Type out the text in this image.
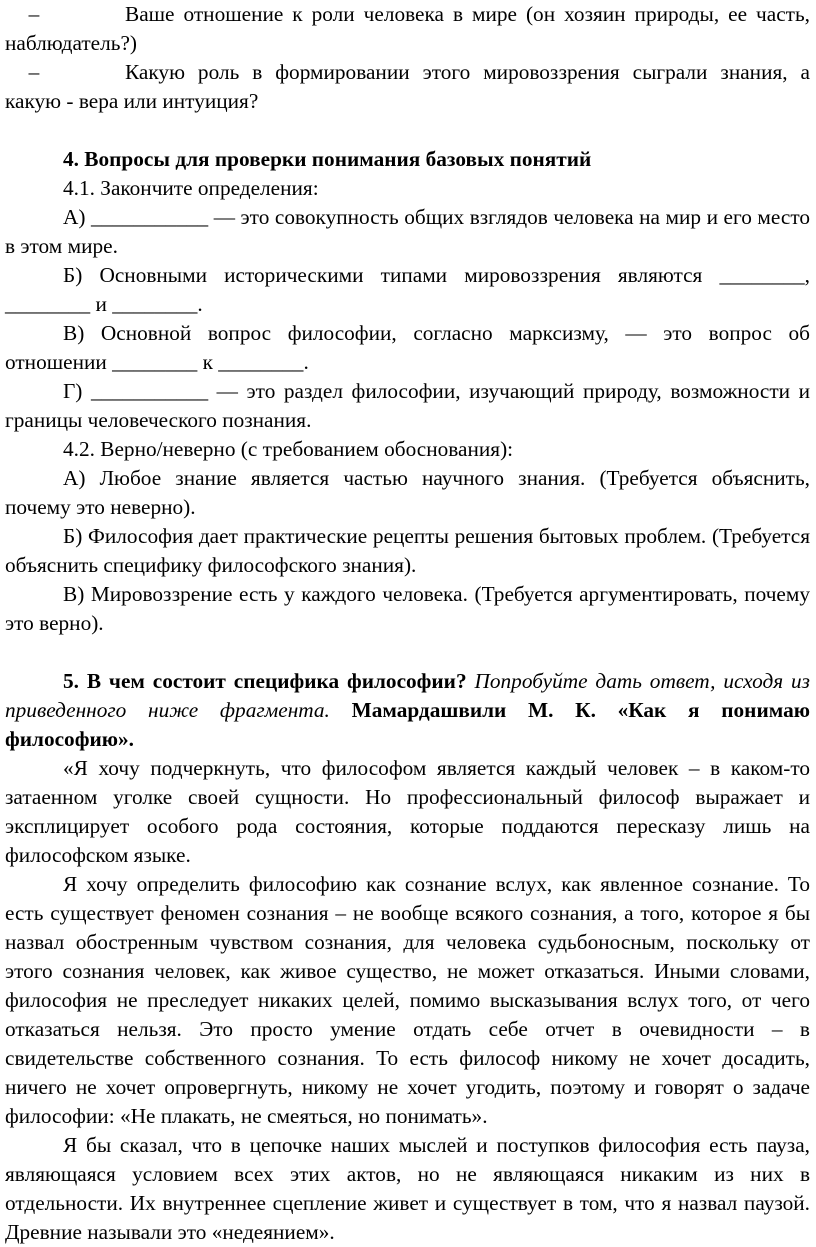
–	Ваше отношение к роли человека в мире (он хозяин природы, ее часть, наблюдатель?)

–	Какую роль в формировании этого мировоззрения сыграли знания, а какую - вера или интуиция?

4. Вопросы для проверки понимания базовых понятий

4.1. Закончите определения:

А) ___________ — это совокупность общих взглядов человека на мир и его место в этом мире.

Б) Основными историческими типами мировоззрения являются ________, ________ и ________.

В) Основной вопрос философии, согласно марксизму, — это вопрос об отношении ________ к ________.

Г) ___________ — это раздел философии, изучающий природу, возможности и границы человеческого познания.

4.2. Верно/неверно (с требованием обоснования):

А) Любое знание является частью научного знания. (Требуется объяснить, почему это неверно).

Б) Философия дает практические рецепты решения бытовых проблем. (Требуется объяснить специфику философского знания).

В) Мировоззрение есть у каждого человека. (Требуется аргументировать, почему это верно).

5. В чем состоит специфика философии? Попробуйте дать ответ, исходя из приведенного ниже фрагмента. Мамардашвили М. К. «Как я понимаю философию».

«Я хочу подчеркнуть, что философом является каждый человек – в каком-то затаенном уголке своей сущности. Но профессиональный философ выражает и эксплицирует особого рода состояния, которые поддаются пересказу лишь на философском языке.

Я хочу определить философию как сознание вслух, как явленное сознание. То есть существует феномен сознания – не вообще всякого сознания, а того, которое я бы назвал обостренным чувством сознания, для человека судьбоносным, поскольку от этого сознания человек, как живое существо, не может отказаться. Иными словами, философия не преследует никаких целей, помимо высказывания вслух того, от чего отказаться нельзя. Это просто умение отдать себе отчет в очевидности – в свидетельстве собственного сознания. То есть философ никому не хочет досадить, ничего не хочет опровергнуть, никому не хочет угодить, поэтому и говорят о задаче философии: «Не плакать, не смеяться, но понимать».

Я бы сказал, что в цепочке наших мыслей и поступков философия есть пауза, являющаяся условием всех этих актов, но не являющаяся никаким из них в отдельности. Их внутреннее сцепление живет и существует в том, что я назвал паузой. Древние называли это «недеянием».
